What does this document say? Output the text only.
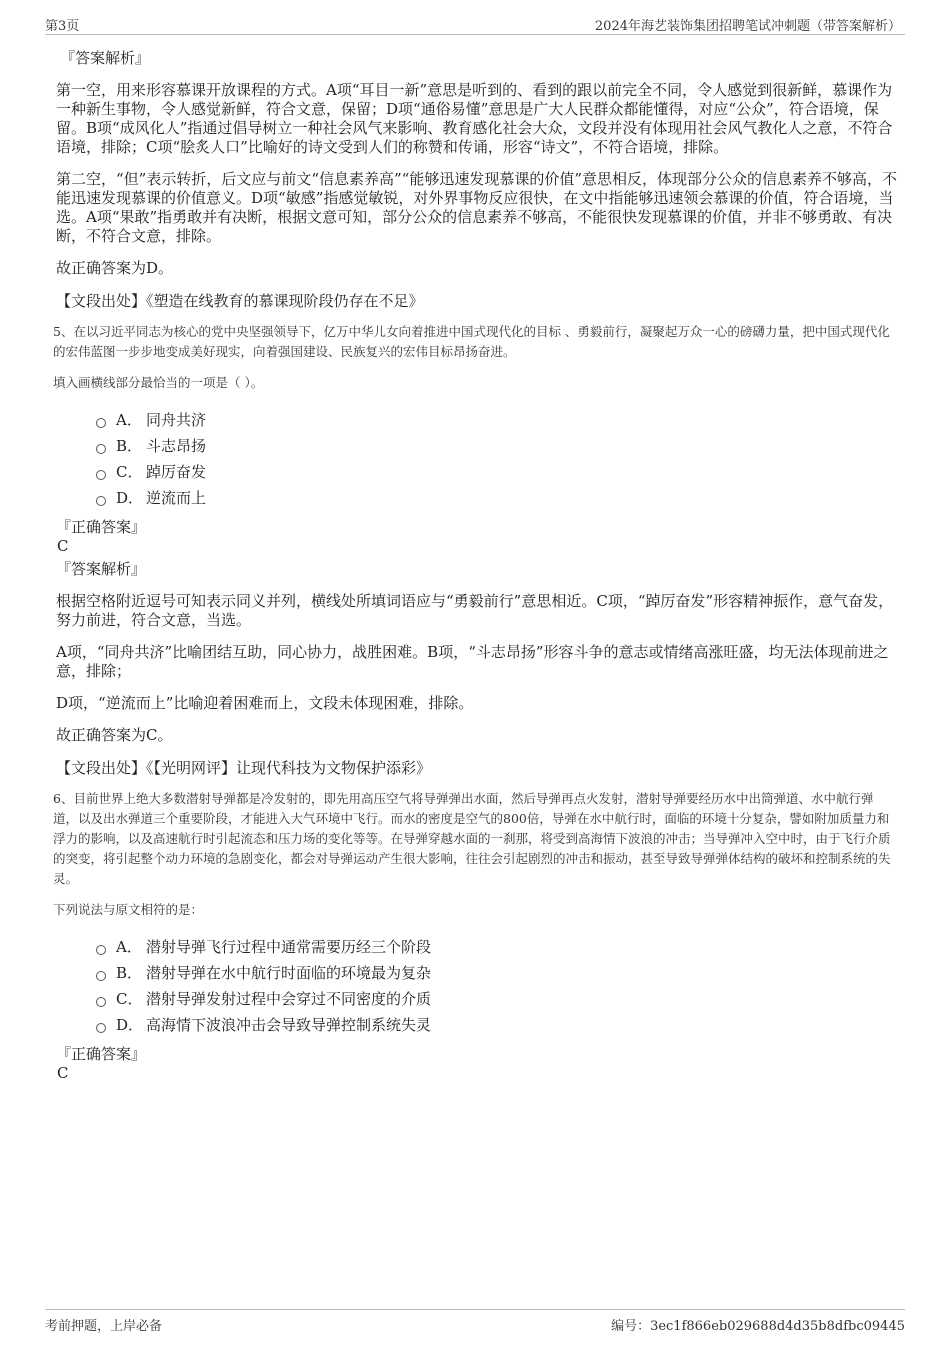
第3页	2024年海艺装饰集团招聘笔试冲刺题（带答案解析）

『答案解析』

第一空，用来形容慕课开放课程的方式。A项“耳目一新”意思是听到的、看到的跟以前完全不同，令人感觉到很新鲜，慕课作为一种新生事物，令人感觉新鲜，符合文意，保留；D项“通俗易懂”意思是广大人民群众都能懂得，对应“公众”，符合语境，保留。B项“成风化人”指通过倡导树立一种社会风气来影响、教育感化社会大众，文段并没有体现用社会风气教化人之意，不符合语境，排除；C项“脍炙人口”比喻好的诗文受到人们的称赞和传诵，形容“诗文”，不符合语境，排除。

第二空，“但”表示转折，后文应与前文“信息素养高”“能够迅速发现慕课的价值”意思相反，体现部分公众的信息素养不够高，不能迅速发现慕课的价值意义。D项“敏感”指感觉敏锐，对外界事物反应很快，在文中指能够迅速领会慕课的价值，符合语境，当选。A项“果敢”指勇敢并有决断，根据文意可知，部分公众的信息素养不够高，不能很快发现慕课的价值，并非不够勇敢、有决断，不符合文意，排除。

故正确答案为D。

【文段出处】《塑造在线教育的慕课现阶段仍存在不足》

5、在以习近平同志为核心的党中央坚强领导下，亿万中华儿女向着推进中国式现代化的目标 、勇毅前行，凝聚起万众一心的磅礴力量，把中国式现代化的宏伟蓝图一步步地变成美好现实，向着强国建设、民族复兴的宏伟目标昂扬奋进。

填入画横线部分最恰当的一项是（ ）。

A． 同舟共济
B． 斗志昂扬
C． 踔厉奋发
D． 逆流而上

『正确答案』

C

『答案解析』

根据空格附近逗号可知表示同义并列，横线处所填词语应与“勇毅前行”意思相近。C项，“踔厉奋发”形容精神振作，意气奋发，努力前进，符合文意，当选。

A项，“同舟共济”比喻团结互助，同心协力，战胜困难。B项，“斗志昂扬”形容斗争的意志或情绪高涨旺盛，均无法体现前进之意，排除；

D项，“逆流而上”比喻迎着困难而上，文段未体现困难，排除。

故正确答案为C。

【文段出处】《【光明网评】让现代科技为文物保护添彩》

6、目前世界上绝大多数潜射导弹都是冷发射的，即先用高压空气将导弹弹出水面，然后导弹再点火发射，潜射导弹要经历水中出筒弹道、水中航行弹道，以及出水弹道三个重要阶段，才能进入大气环境中飞行。而水的密度是空气的800倍，导弹在水中航行时，面临的环境十分复杂，譬如附加质量力和浮力的影响，以及高速航行时引起流态和压力场的变化等等。在导弹穿越水面的一刹那，将受到高海情下波浪的冲击；当导弹冲入空中时，由于飞行介质的突变，将引起整个动力环境的急剧变化，都会对导弹运动产生很大影响，往往会引起剧烈的冲击和振动，甚至导致导弹弹体结构的破坏和控制系统的失灵。

下列说法与原文相符的是：

A． 潜射导弹飞行过程中通常需要历经三个阶段
B． 潜射导弹在水中航行时面临的环境最为复杂
C． 潜射导弹发射过程中会穿过不同密度的介质
D． 高海情下波浪冲击会导致导弹控制系统失灵

『正确答案』

C

考前押题，上岸必备	编号：3ec1f866eb029688d4d35b8dfbc09445
